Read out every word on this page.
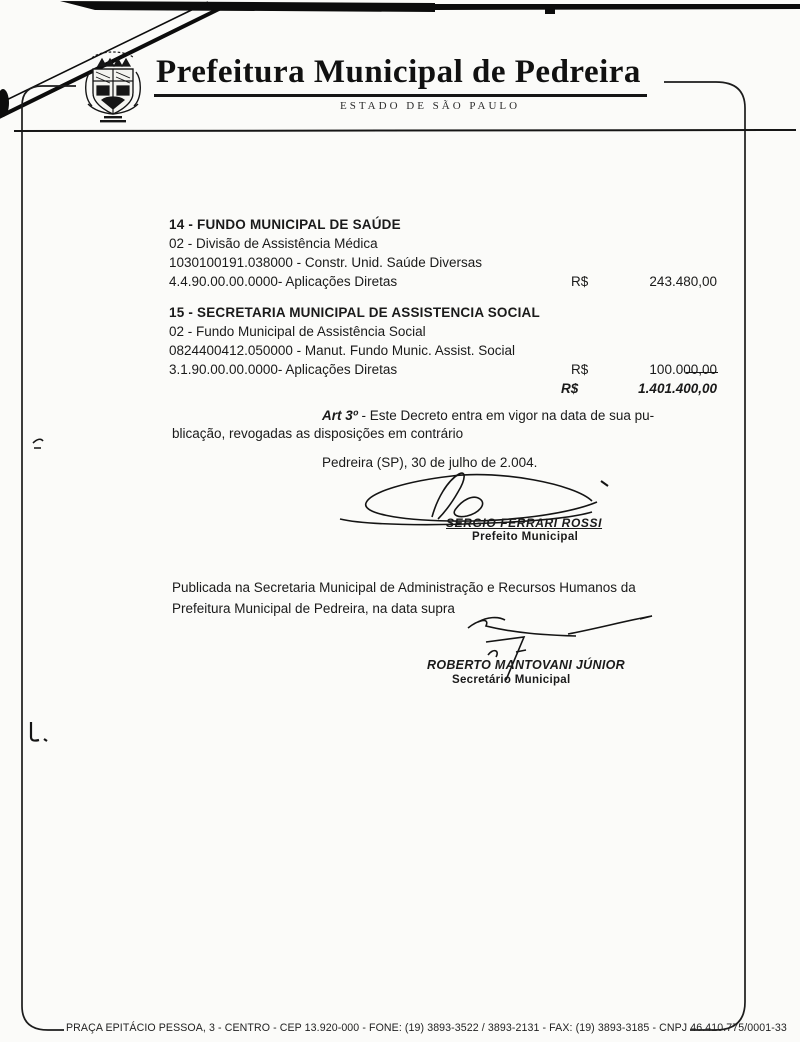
Prefeitura Municipal de Pedreira
ESTADO DE SÃO PAULO
14 - FUNDO MUNICIPAL DE SAÚDE
02 - Divisão de Assistência Médica
1030100191.038000 - Constr. Unid. Saúde Diversas
4.4.90.00.00.0000- Aplicações Diretas	R$	243.480,00
15 - SECRETARIA MUNICIPAL DE ASSISTENCIA SOCIAL
02 - Fundo Municipal de Assistência Social
0824400412.050000 - Manut. Fundo Munic. Assist. Social
3.1.90.00.00.0000- Aplicações Diretas	R$	100.000,00
R$	1.401.400,00
Art 3º - Este Decreto entra em vigor na data de sua pu-
blicação, revogadas as disposições em contrário
Pedreira (SP), 30 de julho de 2.004.
SERGIO FERRARI ROSSI
Prefeito Municipal
Publicada na Secretaria Municipal de Administração e Recursos Humanos da
Prefeitura Municipal de Pedreira, na data supra
ROBERTO MANTOVANI JÚNIOR
Secretário Municipal
PRAÇA EPITÁCIO PESSOA, 3 - CENTRO - CEP 13.920-000 - FONE: (19) 3893-3522 / 3893-2131 - FAX: (19) 3893-3185 - CNPJ 46.410.775/0001-33
